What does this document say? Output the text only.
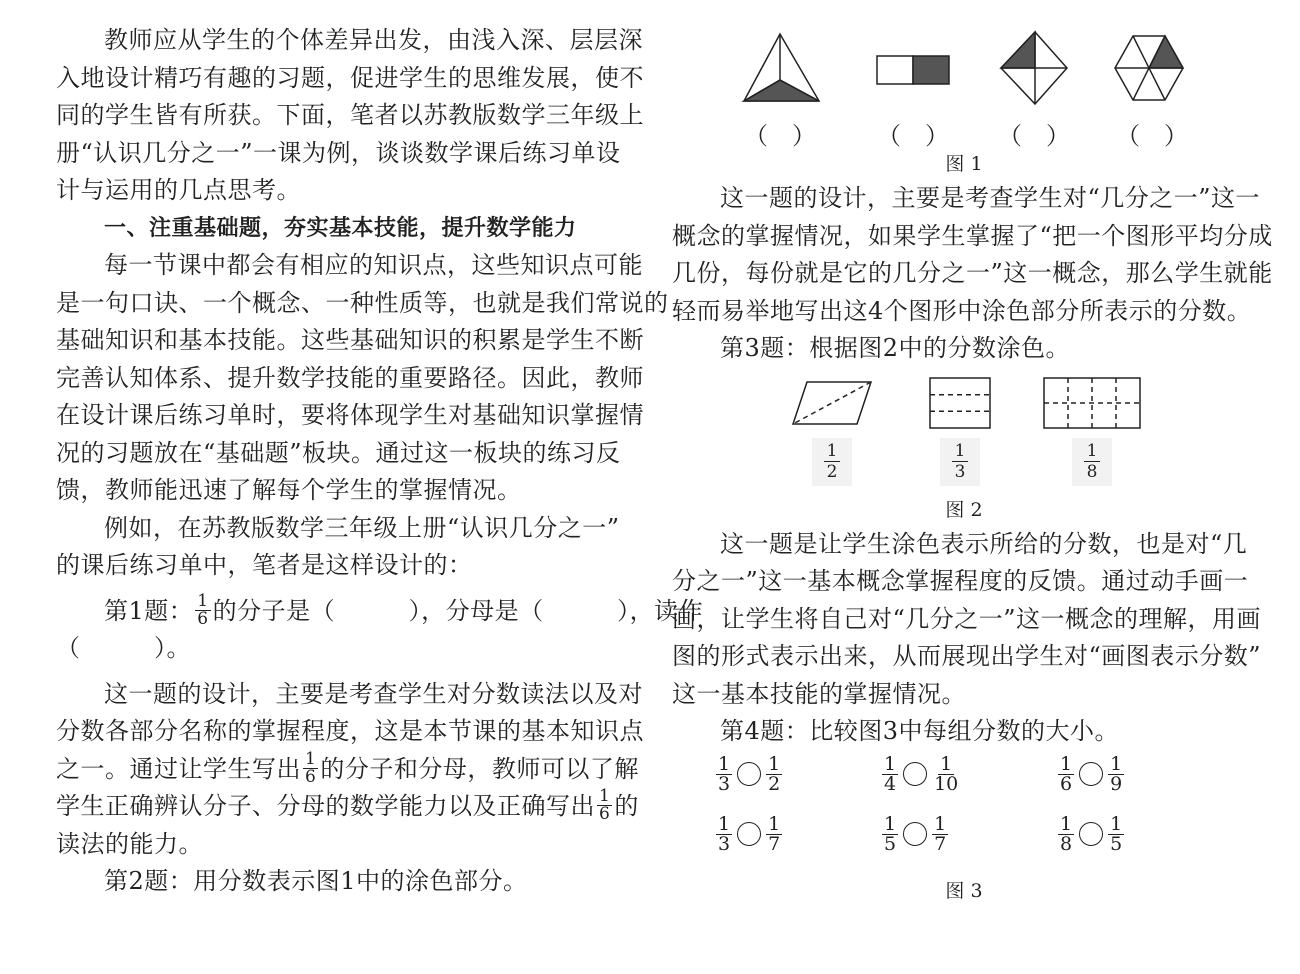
教师应从学生的个体差异出发，由浅入深、层层深
入地设计精巧有趣的习题，促进学生的思维发展，使不
同的学生皆有所获。下面，笔者以苏教版数学三年级上
册“认识几分之一”一课为例，谈谈数学课后练习单设
计与运用的几点思考。
一、注重基础题，夯实基本技能，提升数学能力
每一节课中都会有相应的知识点，这些知识点可能
是一句口诀、一个概念、一种性质等，也就是我们常说的
基础知识和基本技能。这些基础知识的积累是学生不断
完善认知体系、提升数学技能的重要路径。因此，教师
在设计课后练习单时，要将体现学生对基础知识掌握情
况的习题放在“基础题”板块。通过这一板块的练习反
馈，教师能迅速了解每个学生的掌握情况。
例如，在苏教版数学三年级上册“认识几分之一”
的课后练习单中，笔者是这样设计的：
第1题： $\frac{1}{6}$ 的分子是（　　　），分母是（　　　），读作
（　　　）。
这一题的设计，主要是考查学生对分数读法以及对
分数各部分名称的掌握程度，这是本节课的基本知识点
之一。通过让学生写出 $\frac{1}{6}$ 的分子和分母，教师可以了解
学生正确辨认分子、分母的数学能力以及正确写出 $\frac{1}{6}$ 的
读法的能力。
第2题：用分数表示图1中的涂色部分。
（　）	（　） （　） （　）
图 1
这一题的设计，主要是考查学生对“几分之一”这一
概念的掌握情况，如果学生掌握了“把一个图形平均分成
几份，每份就是它的几分之一”这一概念，那么学生就能
轻而易举地写出这4个图形中涂色部分所表示的分数。
第3题：根据图2中的分数涂色。
$\frac{1}{2}$	$\frac{1}{3}$	$\frac{1}{8}$
图 2
这一题是让学生涂色表示所给的分数，也是对“几
分之一”这一基本概念掌握程度的反馈。通过动手画一
画，让学生将自己对“几分之一”这一概念的理解，用画
图的形式表示出来，从而展现出学生对“画图表示分数”
这一基本技能的掌握情况。
第4题：比较图3中每组分数的大小。
$\frac{1}{3} \frac{1}{2}$	$\frac{1}{4} \frac{1}{10}$	$\frac{1}{6} \frac{1}{9}$
$\frac{1}{3} \frac{1}{7}$	$\frac{1}{5} \frac{1}{7}$	$\frac{1}{8} \frac{1}{5}$
图 3
